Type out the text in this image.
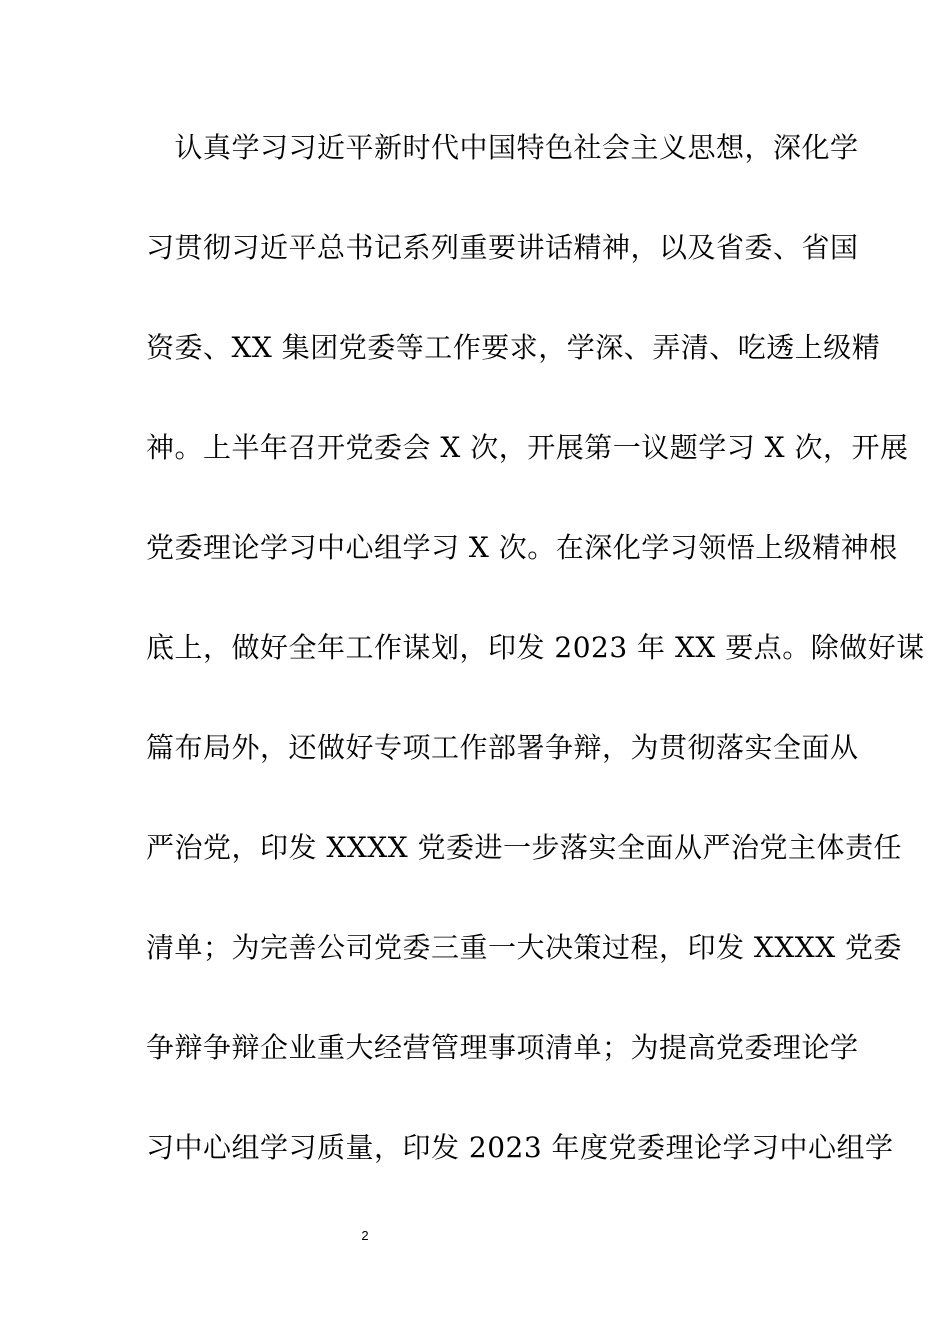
　认真学习习近平新时代中国特色社会主义思想，深化学
习贯彻习近平总书记系列重要讲话精神，以及省委、省国
资委、XX 集团党委等工作要求，学深、弄清、吃透上级精
神。上半年召开党委会 X 次，开展第一议题学习 X 次，开展
党委理论学习中心组学习 X 次。在深化学习领悟上级精神根
底上，做好全年工作谋划，印发 2023 年 XX 要点。除做好谋
篇布局外，还做好专项工作部署争辩，为贯彻落实全面从
严治党，印发 XXXX 党委进一步落实全面从严治党主体责任
清单；为完善公司党委三重一大决策过程，印发 XXXX 党委
争辩争辩企业重大经营管理事项清单；为提高党委理论学
习中心组学习质量，印发 2023 年度党委理论学习中心组学
2
